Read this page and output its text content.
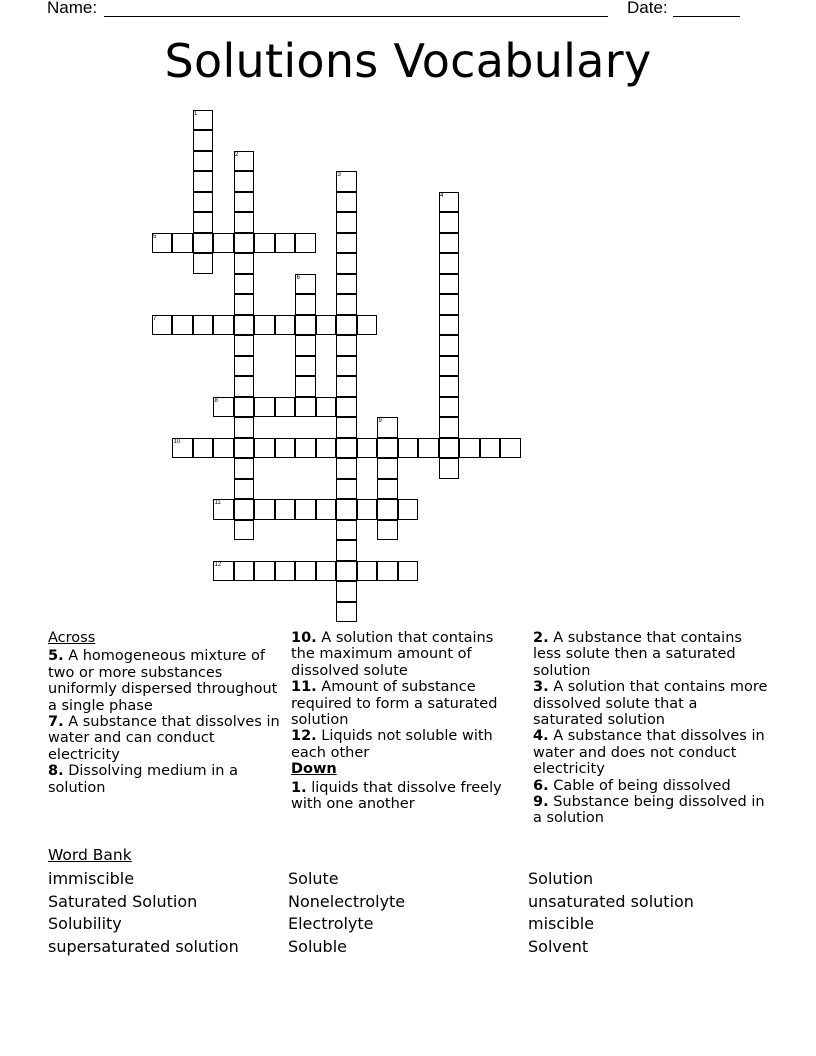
Name:	Date:
Solutions Vocabulary
1
2
3
4
5
6
7
8
9
10
11
12
Across
5. A homogeneous mixture of two or more substances uniformly dispersed throughout a single phase
7. A substance that dissolves in water and can conduct electricity
8. Dissolving medium in a solution
10. A solution that contains the maximum amount of dissolved solute
11. Amount of substance required to form a saturated solution
12. Liquids not soluble with each other
Down
1. liquids that dissolve freely with one another
2. A substance that contains less solute then a saturated solution
3. A solution that contains more dissolved solute that a saturated solution
4. A substance that dissolves in water and does not conduct electricity
6. Cable of being dissolved
9. Substance being dissolved in a solution
Word Bank
immiscible
Saturated Solution
Solubility
supersaturated solution
Solute
Nonelectrolyte
Electrolyte
Soluble
Solution
unsaturated solution
miscible
Solvent
